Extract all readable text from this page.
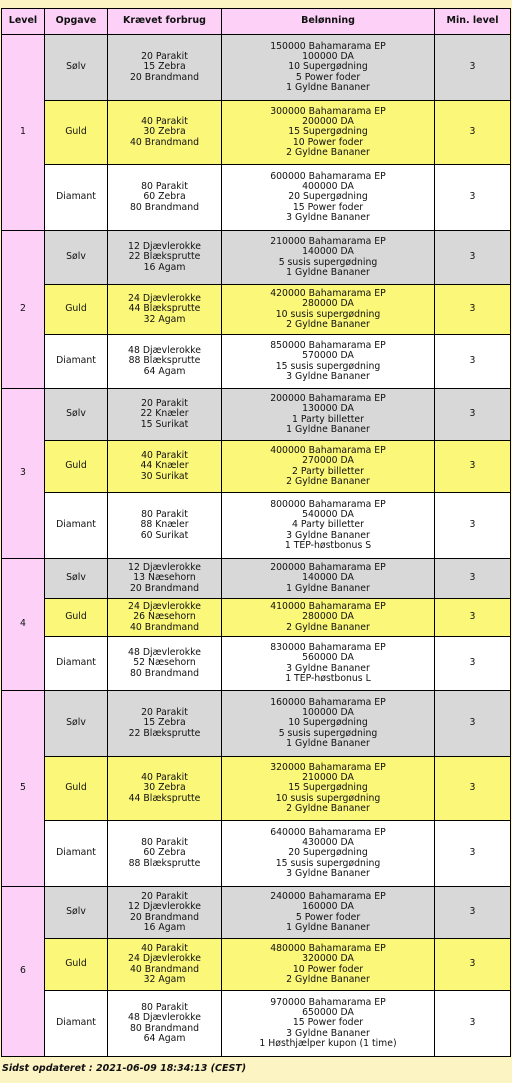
Level	Opgave	Krævet forbrug	Belønning	Min. level
1	Sølv	20 Parakit
15 Zebra
20 Brandmand	150000 Bahamarama EP
100000 DA
10 Supergødning
5 Power foder
1 Gyldne Bananer	3
	Guld	40 Parakit
30 Zebra
40 Brandmand	300000 Bahamarama EP
200000 DA
15 Supergødning
10 Power foder
2 Gyldne Bananer	3
	Diamant	80 Parakit
60 Zebra
80 Brandmand	600000 Bahamarama EP
400000 DA
20 Supergødning
15 Power foder
3 Gyldne Bananer	3
2	Sølv	12 Djævlerokke
22 Blæksprutte
16 Agam	210000 Bahamarama EP
140000 DA
5 susis supergødning
1 Gyldne Bananer	3
	Guld	24 Djævlerokke
44 Blæksprutte
32 Agam	420000 Bahamarama EP
280000 DA
10 susis supergødning
2 Gyldne Bananer	3
	Diamant	48 Djævlerokke
88 Blæksprutte
64 Agam	850000 Bahamarama EP
570000 DA
15 susis supergødning
3 Gyldne Bananer	3
3	Sølv	20 Parakit
22 Knæler
15 Surikat	200000 Bahamarama EP
130000 DA
1 Party billetter
1 Gyldne Bananer	3
	Guld	40 Parakit
44 Knæler
30 Surikat	400000 Bahamarama EP
270000 DA
2 Party billetter
2 Gyldne Bananer	3
	Diamant	80 Parakit
88 Knæler
60 Surikat	800000 Bahamarama EP
540000 DA
4 Party billetter
3 Gyldne Bananer
1 TEP-høstbonus S	3
4	Sølv	12 Djævlerokke
13 Næsehorn
20 Brandmand	200000 Bahamarama EP
140000 DA
1 Gyldne Bananer	3
	Guld	24 Djævlerokke
26 Næsehorn
40 Brandmand	410000 Bahamarama EP
280000 DA
2 Gyldne Bananer	3
	Diamant	48 Djævlerokke
52 Næsehorn
80 Brandmand	830000 Bahamarama EP
560000 DA
3 Gyldne Bananer
1 TEP-høstbonus L	3
5	Sølv	20 Parakit
15 Zebra
22 Blæksprutte	160000 Bahamarama EP
100000 DA
10 Supergødning
5 susis supergødning
1 Gyldne Bananer	3
	Guld	40 Parakit
30 Zebra
44 Blæksprutte	320000 Bahamarama EP
210000 DA
15 Supergødning
10 susis supergødning
2 Gyldne Bananer	3
	Diamant	80 Parakit
60 Zebra
88 Blæksprutte	640000 Bahamarama EP
430000 DA
20 Supergødning
15 susis supergødning
3 Gyldne Bananer	3
6	Sølv	20 Parakit
12 Djævlerokke
20 Brandmand
16 Agam	240000 Bahamarama EP
160000 DA
5 Power foder
1 Gyldne Bananer	3
	Guld	40 Parakit
24 Djævlerokke
40 Brandmand
32 Agam	480000 Bahamarama EP
320000 DA
10 Power foder
2 Gyldne Bananer	3
	Diamant	80 Parakit
48 Djævlerokke
80 Brandmand
64 Agam	970000 Bahamarama EP
650000 DA
15 Power foder
3 Gyldne Bananer
1 Høsthjælper kupon (1 time)	3
Sidst opdateret : 2021-06-09 18:34:13 (CEST)
